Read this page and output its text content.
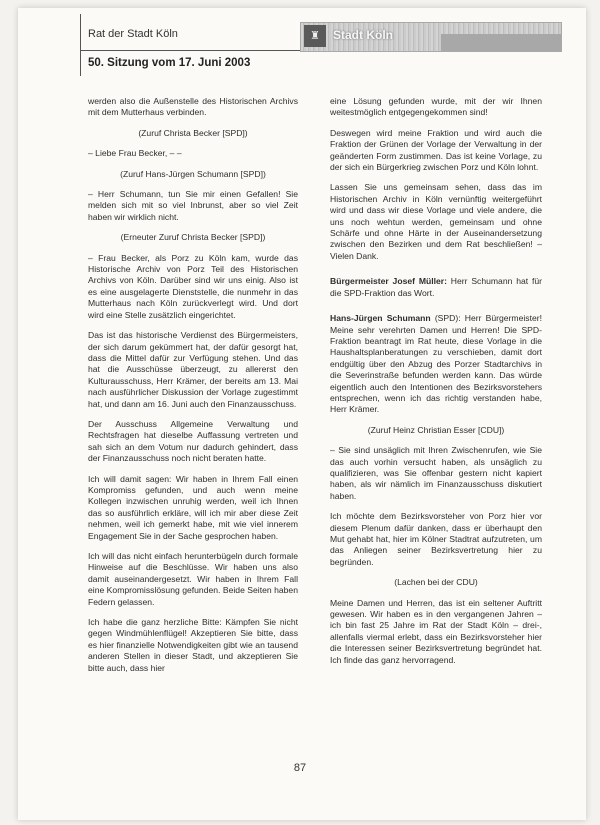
Rat der Stadt Köln
50. Sitzung vom 17. Juni 2003
♜	Stadt Köln

werden also die Außenstelle des Historischen Archivs mit dem Mutterhaus verbinden.

(Zuruf Christa Becker [SPD])

– Liebe Frau Becker, – –

(Zuruf Hans-Jürgen Schumann [SPD])

– Herr Schumann, tun Sie mir einen Gefallen! Sie melden sich mit so viel Inbrunst, aber so viel Zeit haben wir wirklich nicht.

(Erneuter Zuruf Christa Becker [SPD])

– Frau Becker, als Porz zu Köln kam, wurde das Historische Archiv von Porz Teil des Historischen Archivs von Köln. Darüber sind wir uns einig. Also ist es eine ausgelagerte Dienststelle, die nunmehr in das Mutterhaus nach Köln zurückverlegt wird. Und dort wird eine Stelle zusätzlich eingerichtet.

Das ist das historische Verdienst des Bürgermeisters, der sich darum gekümmert hat, der dafür gesorgt hat, dass die Mittel dafür zur Verfügung stehen. Und das hat die Ausschüsse überzeugt, zu allererst den Kulturausschuss, Herr Krämer, der bereits am 13. Mai nach ausführlicher Diskussion der Vorlage zugestimmt hat, und dann am 16. Juni auch den Finanzausschuss.

Der Ausschuss Allgemeine Verwaltung und Rechtsfragen hat dieselbe Auffassung vertreten und sah sich an dem Votum nur dadurch gehindert, dass der Finanzausschuss noch nicht beraten hatte.

Ich will damit sagen: Wir haben in Ihrem Fall einen Kompromiss gefunden, und auch wenn meine Kollegen inzwischen unruhig werden, weil ich Ihnen das so ausführlich erkläre, will ich mir aber diese Zeit nehmen, weil ich gemerkt habe, mit wie viel innerem Engagement Sie in der Sache gesprochen haben.

Ich will das nicht einfach herunterbügeln durch formale Hinweise auf die Beschlüsse. Wir haben uns also damit auseinandergesetzt. Wir haben in Ihrem Fall eine Kompromisslösung gefunden. Beide Seiten haben Federn gelassen.

Ich habe die ganz herzliche Bitte: Kämpfen Sie nicht gegen Windmühlenflügel! Akzeptieren Sie bitte, dass es hier finanzielle Notwendigkeiten gibt wie an tausend anderen Stellen in dieser Stadt, und akzeptieren Sie bitte auch, dass hier

eine Lösung gefunden wurde, mit der wir Ihnen weitestmöglich entgegengekommen sind!

Deswegen wird meine Fraktion und wird auch die Fraktion der Grünen der Vorlage der Verwaltung in der geänderten Form zustimmen. Das ist keine Vorlage, zu der sich ein Bürgerkrieg zwischen Porz und Köln lohnt.

Lassen Sie uns gemeinsam sehen, dass das im Historischen Archiv in Köln vernünftig weitergeführt wird und dass wir diese Vorlage und viele andere, die uns noch wehtun werden, gemeinsam und ohne Schärfe und ohne Härte in der Auseinandersetzung zwischen den Bezirken und dem Rat beschließen! – Vielen Dank.

Bürgermeister Josef Müller: Herr Schumann hat für die SPD-Fraktion das Wort.

Hans-Jürgen Schumann (SPD): Herr Bürgermeister! Meine sehr verehrten Damen und Herren! Die SPD-Fraktion beantragt im Rat heute, diese Vorlage in die Haushaltsplanberatungen zu verschieben, damit dort endgültig über den Abzug des Porzer Stadtarchivs in die Severinstraße befunden werden kann. Das würde eigentlich auch den Intentionen des Bezirksvorstehers entsprechen, wenn ich das richtig verstanden habe, Herr Krämer.

(Zuruf Heinz Christian Esser [CDU])

– Sie sind unsäglich mit Ihren Zwischenrufen, wie Sie das auch vorhin versucht haben, als unsäglich zu qualifizieren, was Sie offenbar gestern nicht kapiert haben, als wir nämlich im Finanzausschuss diskutiert haben.

Ich möchte dem Bezirksvorsteher von Porz hier vor diesem Plenum dafür danken, dass er überhaupt den Mut gehabt hat, hier im Kölner Stadtrat aufzutreten, um das Anliegen seiner Bezirksvertretung hier zu begründen.

(Lachen bei der CDU)

Meine Damen und Herren, das ist ein seltener Auftritt gewesen. Wir haben es in den vergangenen Jahren – ich bin fast 25 Jahre im Rat der Stadt Köln – drei-, allenfalls viermal erlebt, dass ein Bezirksvorsteher hier die Interessen seiner Bezirksvertretung begründet hat. Ich finde das ganz hervorragend.

87
